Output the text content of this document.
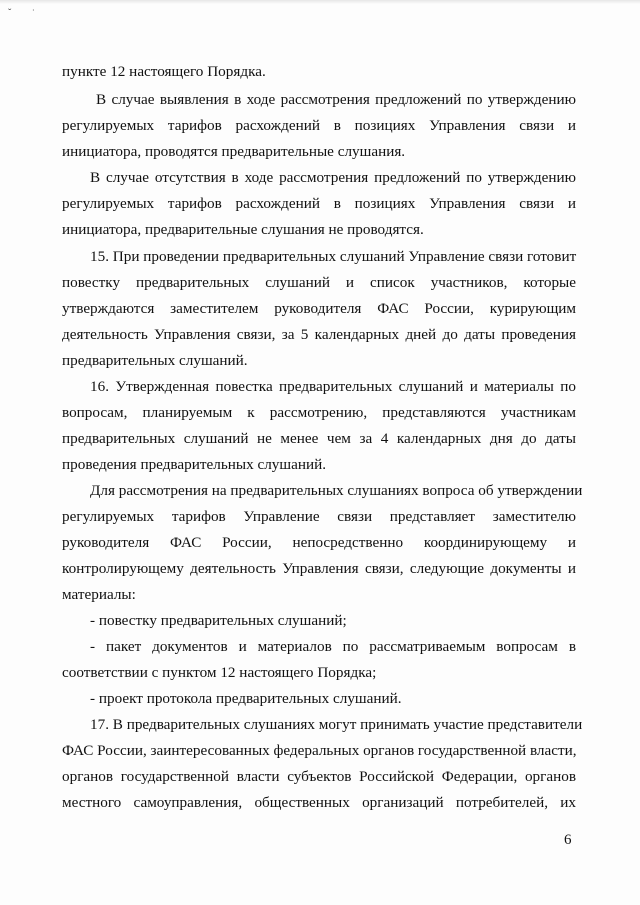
ˇ	·

пункте 12 настоящего Порядка.

В случае выявления в ходе рассмотрения предложений по утверждению

регулируемых тарифов расхождений в позициях Управления связи и

инициатора, проводятся предварительные слушания.

В случае отсутствия в ходе рассмотрения предложений по утверждению

регулируемых тарифов расхождений в позициях Управления связи и

инициатора, предварительные слушания не проводятся.

15. При проведении предварительных слушаний Управление связи готовит

повестку предварительных слушаний и список участников, которые

утверждаются заместителем руководителя ФАС России, курирующим

деятельность Управления связи, за 5 календарных дней до даты проведения

предварительных слушаний.

16. Утвержденная повестка предварительных слушаний и материалы по

вопросам, планируемым к рассмотрению, представляются участникам

предварительных слушаний не менее чем за 4 календарных дня до даты

проведения предварительных слушаний.

Для рассмотрения на предварительных слушаниях вопроса об утверждении

регулируемых тарифов Управление связи представляет заместителю

руководителя ФАС России, непосредственно координирующему и

контролирующему деятельность Управления связи, следующие документы и

материалы:

- повестку предварительных слушаний;

- пакет документов и материалов по рассматриваемым вопросам в

соответствии с пунктом 12 настоящего Порядка;

- проект протокола предварительных слушаний.

17. В предварительных слушаниях могут принимать участие представители

ФАС России, заинтересованных федеральных органов государственной власти,

органов государственной власти субъектов Российской Федерации, органов

местного самоуправления, общественных организаций потребителей, их

6
